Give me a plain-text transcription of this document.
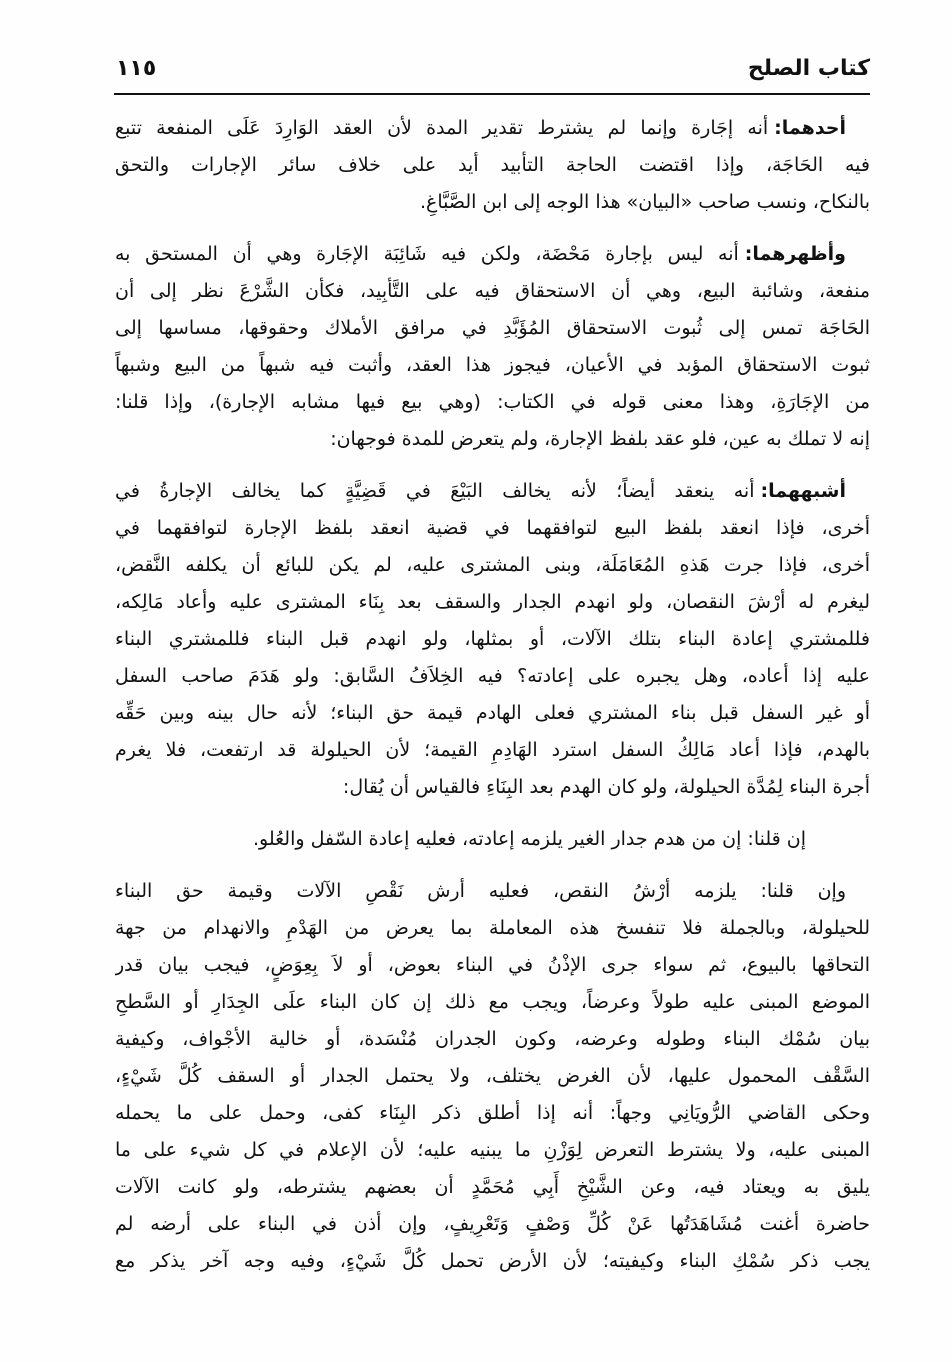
كتاب الصلح
١١٥
أحدهما:أنه إجَارة وإنما لم يشترط تقدير المدة لأن العقد الوَارِدَ عَلَى المنفعة تتبع
فيه الحَاجَة، وإذا اقتضت الحاجة التأبيد أيد على خلاف سائر الإجارات والتحق
بالنكاح، ونسب صاحب «البيان» هذا الوجه إلى ابن الصَّبَّاغِ.
وأظهرهما:أنه ليس بإجارة مَحْضَة، ولكن فيه شَائِبَة الإجَارة وهي أن المستحق به
منفعة، وشائبة البيع، وهي أن الاستحقاق فيه على التَّأبِيد، فكأن الشَّرْعَ نظر إلى أن
الحَاجَة تمس إلى ثُبوت الاستحقاق المُؤَبَّدِ في مرافق الأملاك وحقوقها، مساسها إلى
ثبوت الاستحقاق المؤبد في الأعيان، فيجوز هذا العقد، وأثبت فيه شبهاً من البيع وشبهاً
من الإجَارَةِ، وهذا معنى قوله في الكتاب: (وهي بيع فيها مشابه الإجارة)، وإذا قلنا:
إنه لا تملك به عين، فلو عقد بلفظ الإجارة، ولم يتعرض للمدة فوجهان:
أشبههما:أنه ينعقد أيضاً؛ لأنه يخالف البَيْعَ في قَضِيَّةٍ كما يخالف الإجارةُ في
أخرى، فإذا انعقد بلفظ البيع لتوافقهما في قضية انعقد بلفظ الإجارة لتوافقهما في
أخرى، فإذا جرت هَذهِ المُعَامَلَة، وبنى المشترى عليه، لم يكن للبائع أن يكلفه النَّقض،
ليغرم له أرْشَ النقصان، ولو انهدم الجدار والسقف بعد بِنَاء المشترى عليه وأعاد مَالِكه،
فللمشتري إعادة البناء بتلك الآلات، أو بمثلها، ولو انهدم قبل البناء فللمشتري البناء
عليه إذا أعاده، وهل يجبره على إعادته؟ فيه الخِلاَفُ السَّابق: ولو هَدَمَ صاحب السفل
أو غير السفل قبل بناء المشتري فعلى الهادم قيمة حق البناء؛ لأنه حال بينه وبين حَقِّه
بالهدم، فإذا أعاد مَالِكُ السفل استرد الهَادِمِ القيمة؛ لأن الحيلولة قد ارتفعت، فلا يغرم
أجرة البناء لِمُدَّة الحيلولة، ولو كان الهدم بعد البِنَاءِ فالقياس أن يُقال:
إن قلنا: إن من هدم جدار الغير يلزمه إعادته، فعليه إعادة السّفل والعُلو.
وإن قلنا: يلزمه أرْشُ النقص، فعليه أرش نَقْصِ الآلات وقيمة حق البناء
للحيلولة، وبالجملة فلا تنفسخ هذه المعاملة بما يعرض من الهَدْمِ والانهدام من جهة
التحاقها بالبيوع، ثم سواء جرى الإذْنُ في البناء بعوض، أو لاَ بِعِوَضٍ، فيجب بيان قدر
الموضع المبنى عليه طولاً وعرضاً، ويجب مع ذلك إن كان البناء علَى الجِدَارِ أو السَّطحِ
بيان سُمْك البناء وطوله وعرضه، وكون الجدران مُنْسَدة، أو خالية الأجْواف، وكيفية
السَّقْف المحمول عليها، لأن الغرض يختلف، ولا يحتمل الجدار أو السقف كُلَّ شَيْءٍ،
وحكى القاضي الرُّويَانِي وجهاً: أنه إذا أطلق ذكر البِنَاء كفى، وحمل على ما يحمله
المبنى عليه، ولا يشترط التعرض لِوَزْنِ ما يبنيه عليه؛ لأن الإعلام في كل شيء على ما
يليق به ويعتاد فيه، وعن الشَّيْخِ أَبِي مُحَمَّدٍ أن بعضهم يشترطه، ولو كانت الآلات
حاضرة أغنت مُشَاهَدَتُها عَنْ كُلِّ وَصْفٍ وَتَعْرِيفٍ، وإن أذن في البناء على أرضه لم
يجب ذكر سُمْكِ البناء وكيفيته؛ لأن الأرض تحمل كُلَّ شَيْءٍ، وفيه وجه آخر يذكر مع
